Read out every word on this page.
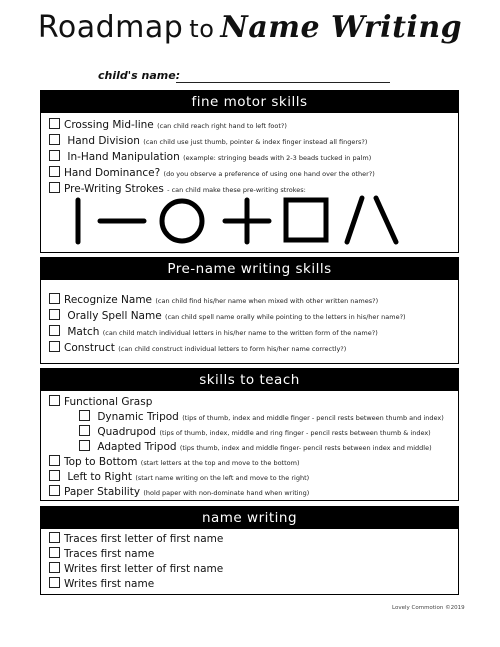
Roadmap to Name Writing
child's name:
fine motor skills
Crossing Mid-line (can child reach right hand to left foot?)
Hand Division (can child use just thumb, pointer & index finger instead all fingers?)
In-Hand Manipulation (example: stringing beads with 2-3 beads tucked in palm)
Hand Dominance? (do you observe a preference of using one hand over the other?)
Pre-Writing Strokes - can child make these pre-writing strokes:
Pre-name writing skills
Recognize Name (can child find his/her name when mixed with other written names?)
Orally Spell Name (can child spell name orally while pointing to the letters in his/her name?)
Match (can child match individual letters in his/her name to the written form of the name?)
Construct (can child construct individual letters to form his/her name correctly?)
skills to teach
Functional Grasp
Dynamic Tripod (tips of thumb, index and middle finger - pencil rests between thumb and index)
Quadrupod (tips of thumb, index, middle and ring finger - pencil rests between thumb & index)
Adapted Tripod (tips thumb, index and middle finger- pencil rests between index and middle)
Top to Bottom (start letters at the top and move to the bottom)
Left to Right (start name writing on the left and move to the right)
Paper Stability (hold paper with non-dominate hand when writing)
name writing
Traces first letter of first name
Traces first name
Writes first letter of first name
Writes first name
Lovely Commotion ©2019
